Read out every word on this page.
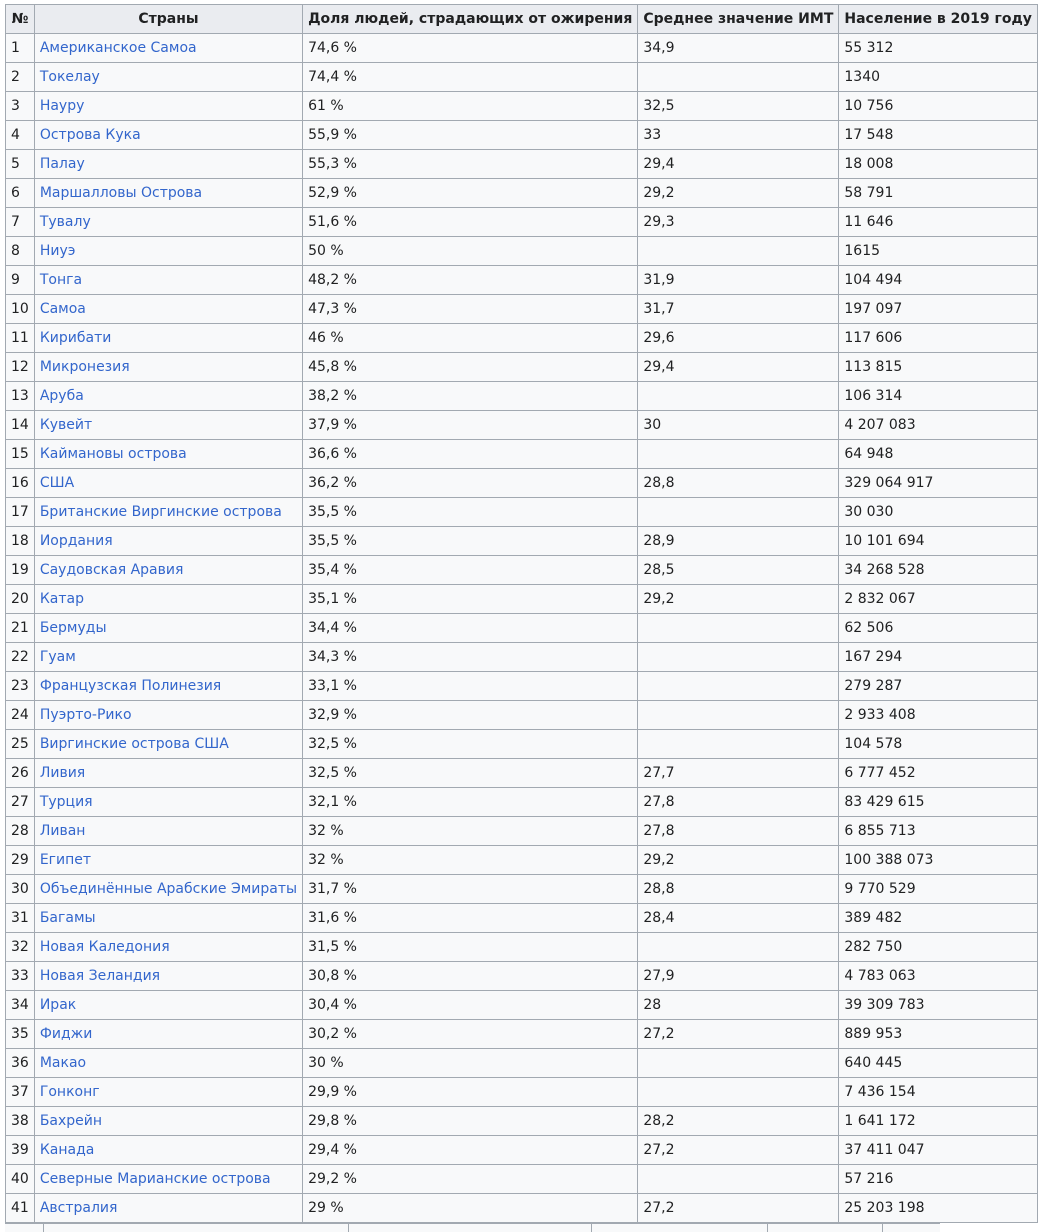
№	Страны	Доля людей, страдающих от ожирения	Среднее значение ИМТ	Население в 2019 году
1	Американское Самоа	74,6 %	34,9	55 312
2	Токелау	74,4 %		1340
3	Науру	61 %	32,5	10 756
4	Острова Кука	55,9 %	33	17 548
5	Палау	55,3 %	29,4	18 008
6	Маршалловы Острова	52,9 %	29,2	58 791
7	Тувалу	51,6 %	29,3	11 646
8	Ниуэ	50 %		1615
9	Тонга	48,2 %	31,9	104 494
10	Самоа	47,3 %	31,7	197 097
11	Кирибати	46 %	29,6	117 606
12	Микронезия	45,8 %	29,4	113 815
13	Аруба	38,2 %		106 314
14	Кувейт	37,9 %	30	4 207 083
15	Каймановы острова	36,6 %		64 948
16	США	36,2 %	28,8	329 064 917
17	Британские Виргинские острова	35,5 %		30 030
18	Иордания	35,5 %	28,9	10 101 694
19	Саудовская Аравия	35,4 %	28,5	34 268 528
20	Катар	35,1 %	29,2	2 832 067
21	Бермуды	34,4 %		62 506
22	Гуам	34,3 %		167 294
23	Французская Полинезия	33,1 %		279 287
24	Пуэрто-Рико	32,9 %		2 933 408
25	Виргинские острова США	32,5 %		104 578
26	Ливия	32,5 %	27,7	6 777 452
27	Турция	32,1 %	27,8	83 429 615
28	Ливан	32 %	27,8	6 855 713
29	Египет	32 %	29,2	100 388 073
30	Объединённые Арабские Эмираты	31,7 %	28,8	9 770 529
31	Багамы	31,6 %	28,4	389 482
32	Новая Каледония	31,5 %		282 750
33	Новая Зеландия	30,8 %	27,9	4 783 063
34	Ирак	30,4 %	28	39 309 783
35	Фиджи	30,2 %	27,2	889 953
36	Макао	30 %		640 445
37	Гонконг	29,9 %		7 436 154
38	Бахрейн	29,8 %	28,2	1 641 172
39	Канада	29,4 %	27,2	37 411 047
40	Северные Марианские острова	29,2 %		57 216
41	Австралия	29 %	27,2	25 203 198
